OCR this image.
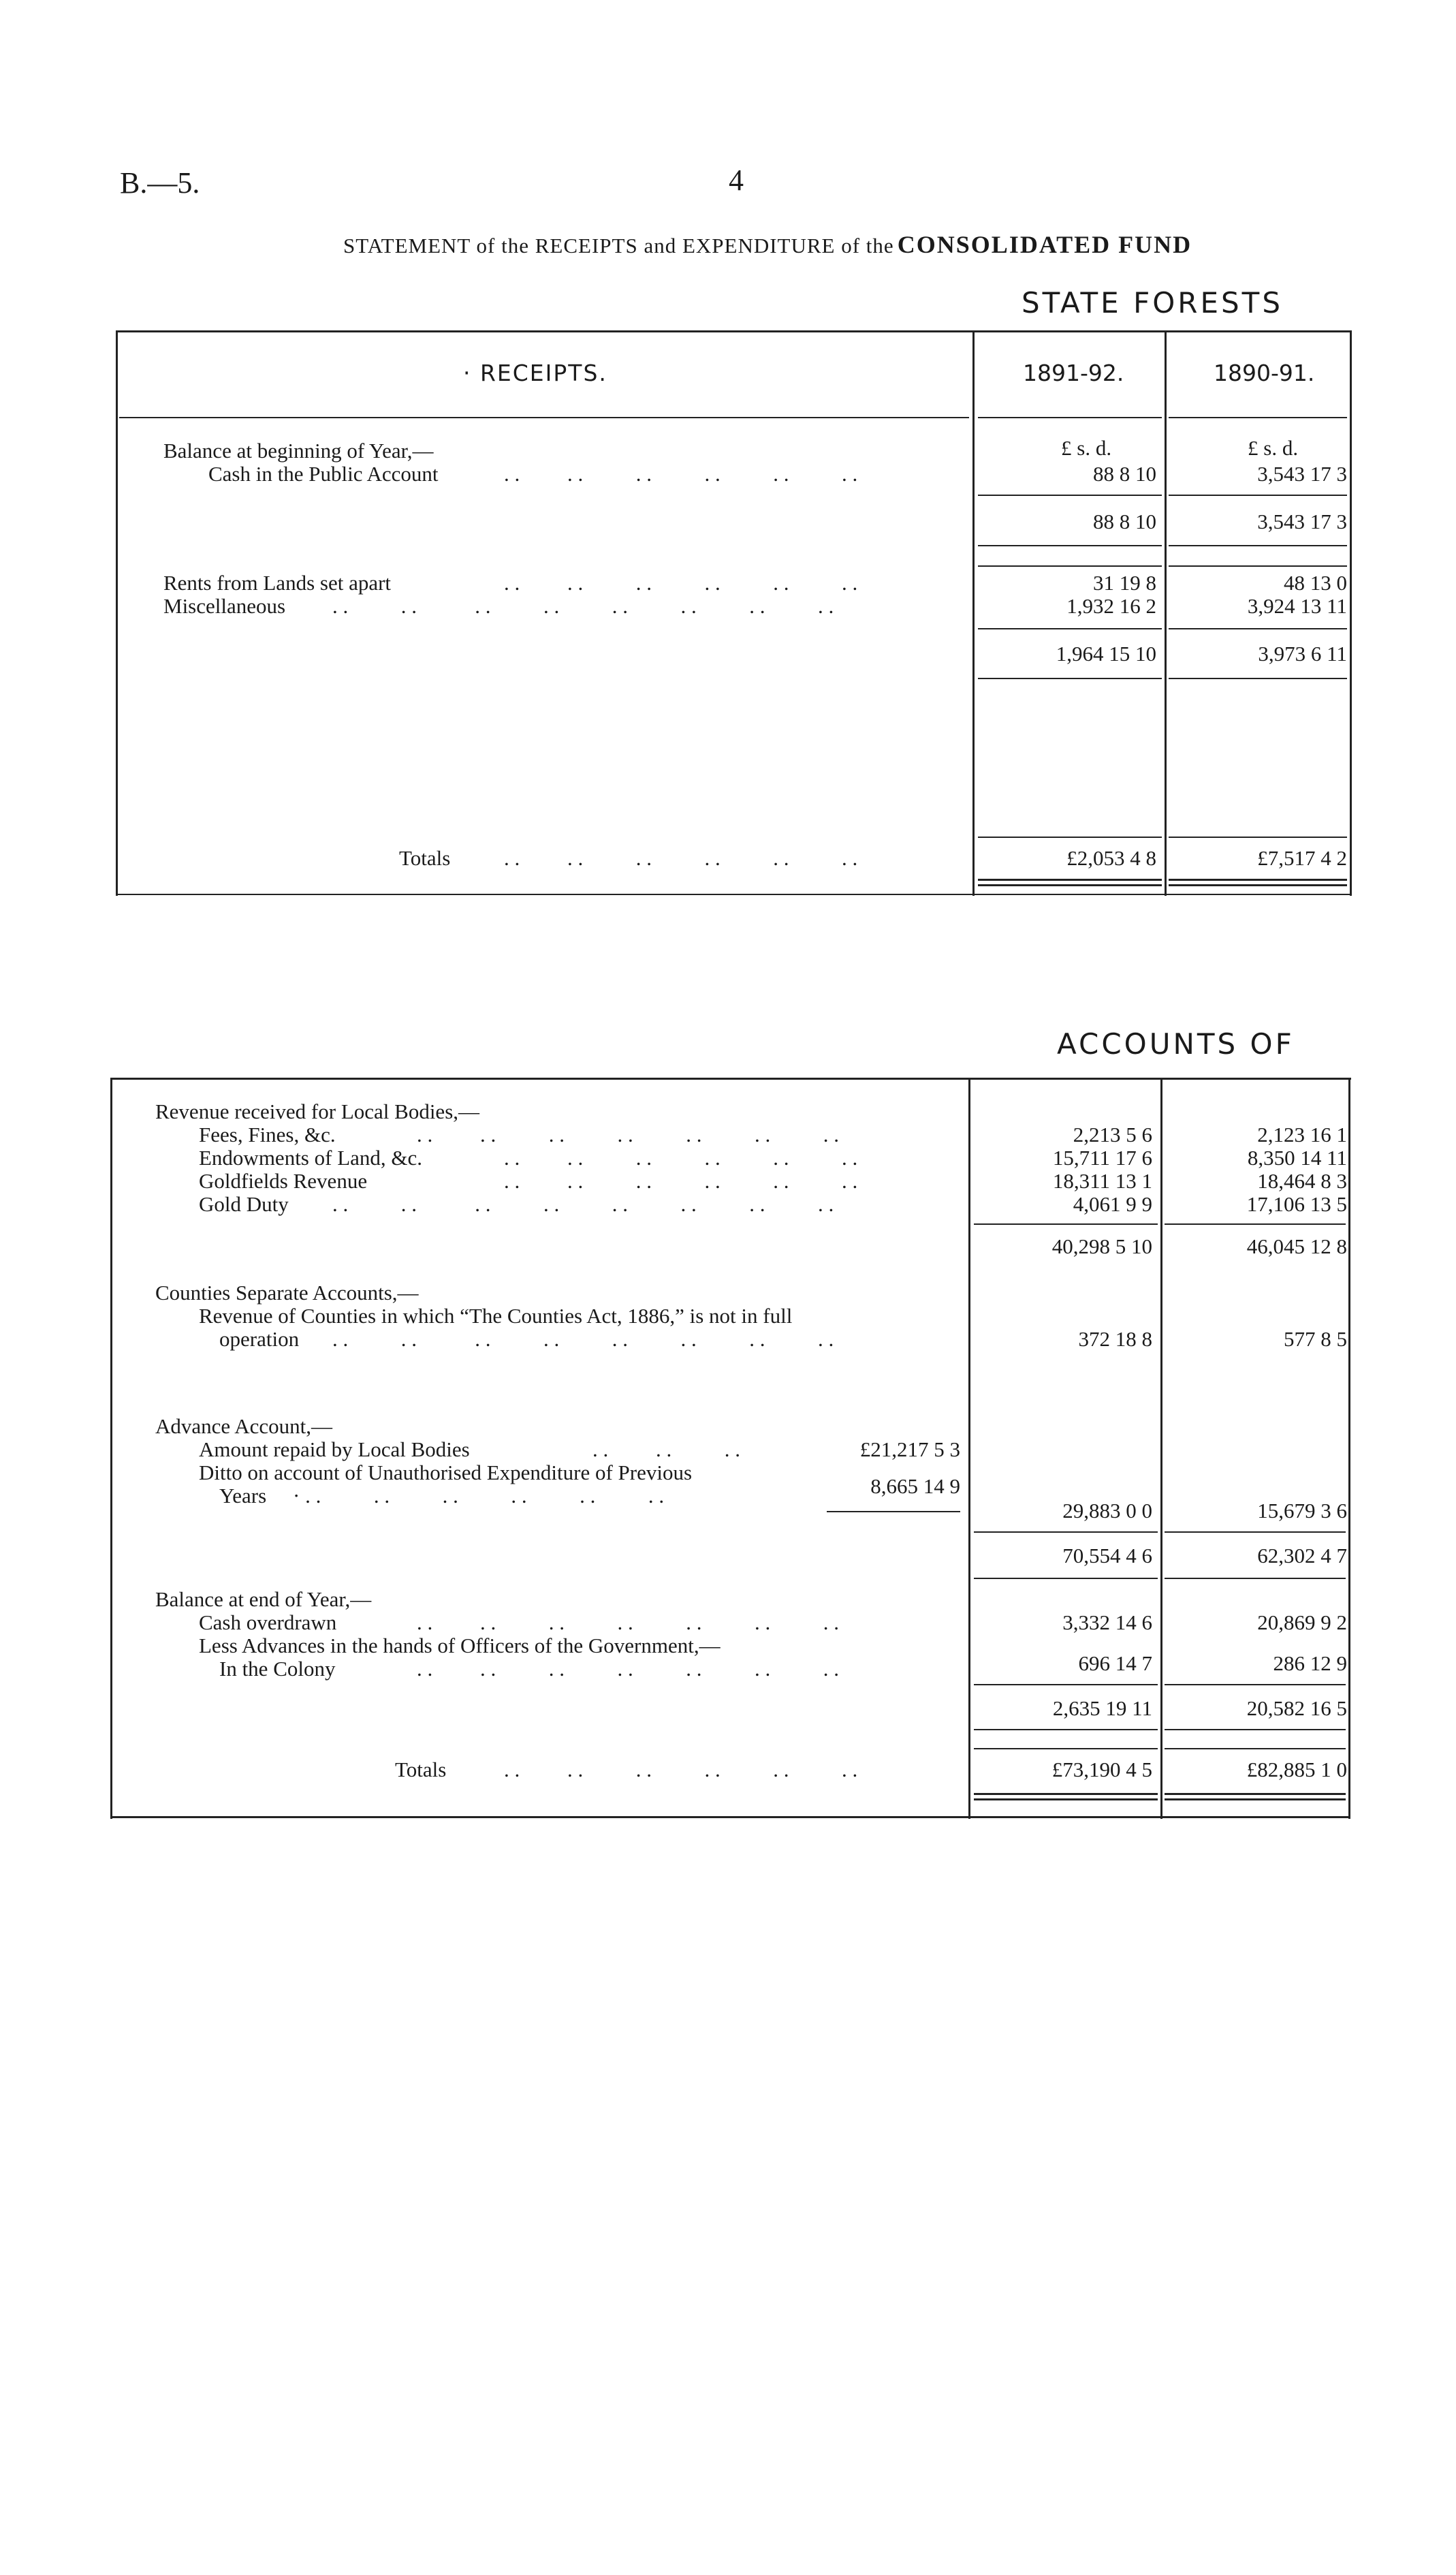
B.—5.	4
STATEMENT of the RECEIPTS and EXPENDITURE of the CONSOLIDATED FUND
STATE FORESTS
· RECEIPTS.	1891-92.	1890-91.
£ s. d.	£ s. d.
Balance at beginning of Year,—
Cash in the Public Account	. .         . .          . .          . .          . .          . .	88 8 10	3,543 17 3
88 8 10	3,543 17 3
Rents from Lands set apart	. .         . .          . .          . .          . .          . .	31 19 8	48 13 0
Miscellaneous . .          . .           . .          . .          . .          . .          . .          . .	1,932 16 2	3,924 13 11
1,964 15 10	3,973 6 11
Totals	. .         . .          . .          . .          . .          . .	£2,053 4 8	£7,517 4 2
ACCOUNTS OF
Revenue received for Local Bodies,—
Fees, Fines, &c.	. .         . .          . .          . .          . .          . .          . .	2,213 5 6	2,123 16 1
Endowments of Land, &c.	. .         . .          . .          . .          . .          . .	15,711 17 6	8,350 14 11
Goldfields Revenue	. .         . .          . .          . .          . .          . .	18,311 13 1	18,464 8 3
Gold Duty . .          . .           . .          . .          . .          . .          . .          . .	4,061 9 9	17,106 13 5
40,298 5 10	46,045 12 8
Counties Separate Accounts,—
Revenue of Counties in which “The Counties Act, 1886,” is not in full
operation . .          . .           . .          . .          . .          . .          . .          . .	372 18 8	577 8 5
Advance Account,—
Amount repaid by Local Bodies	. .         . .          . .	£21,217 5 3
Ditto on account of Unauthorised Expenditure of Previous
Years · . .          . .          . .          . .          . .          . .	8,665 14 9
29,883 0 0	15,679 3 6
70,554 4 6	62,302 4 7
Balance at end of Year,—
Cash overdrawn	. .         . .          . .          . .          . .          . .          . .	3,332 14 6	20,869 9 2
Less Advances in the hands of Officers of the Government,—
In the Colony	. .         . .          . .          . .          . .          . .          . .	696 14 7	286 12 9
2,635 19 11	20,582 16 5
Totals	. .         . .          . .          . .          . .          . .	£73,190 4 5	£82,885 1 0
